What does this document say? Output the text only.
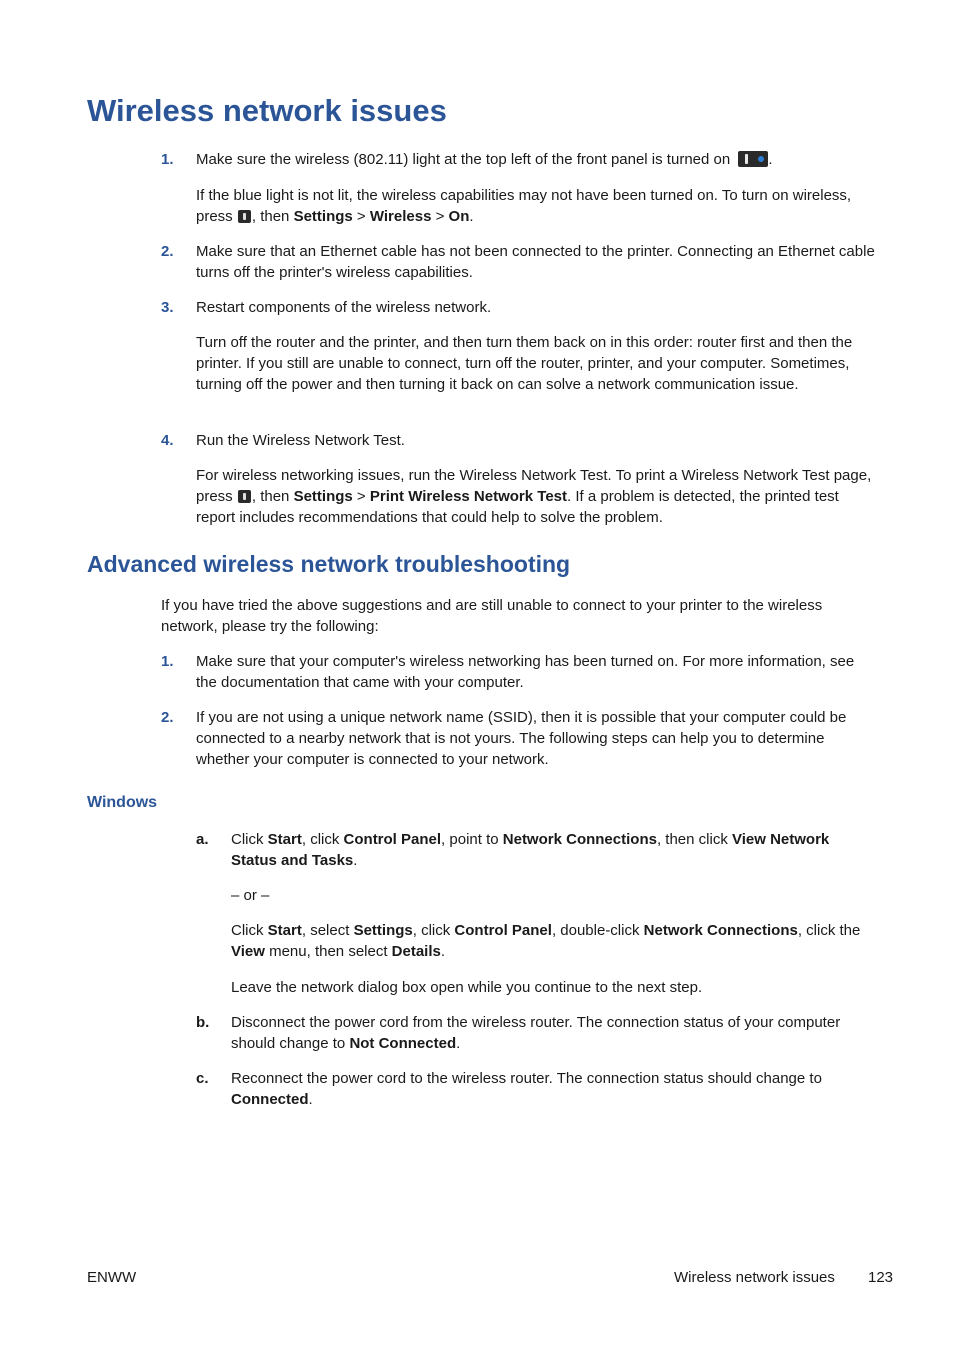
Wireless network issues
1. Make sure the wireless (802.11) light at the top left of the front panel is turned on	.
If the blue light is not lit, the wireless capabilities may not have been turned on. To turn on wireless, press , then Settings > Wireless > On.
2. Make sure that an Ethernet cable has not been connected to the printer. Connecting an Ethernet cable turns off the printer's wireless capabilities.
3. Restart components of the wireless network.
Turn off the router and the printer, and then turn them back on in this order: router first and then the printer. If you still are unable to connect, turn off the router, printer, and your computer. Sometimes, turning off the power and then turning it back on can solve a network communication issue.
4. Run the Wireless Network Test.
For wireless networking issues, run the Wireless Network Test. To print a Wireless Network Test page, press , then Settings > Print Wireless Network Test. If a problem is detected, the printed test report includes recommendations that could help to solve the problem.
Advanced wireless network troubleshooting
If you have tried the above suggestions and are still unable to connect to your printer to the wireless network, please try the following:
1. Make sure that your computer's wireless networking has been turned on. For more information, see the documentation that came with your computer.
2. If you are not using a unique network name (SSID), then it is possible that your computer could be connected to a nearby network that is not yours. The following steps can help you to determine whether your computer is connected to your network.
Windows
a. Click Start, click Control Panel, point to Network Connections, then click View Network Status and Tasks.
– or –
Click Start, select Settings, click Control Panel, double-click Network Connections, click the View menu, then select Details.
Leave the network dialog box open while you continue to the next step.
b. Disconnect the power cord from the wireless router. The connection status of your computer should change to Not Connected.
c. Reconnect the power cord to the wireless router. The connection status should change to Connected.
ENWW	Wireless network issues 123
